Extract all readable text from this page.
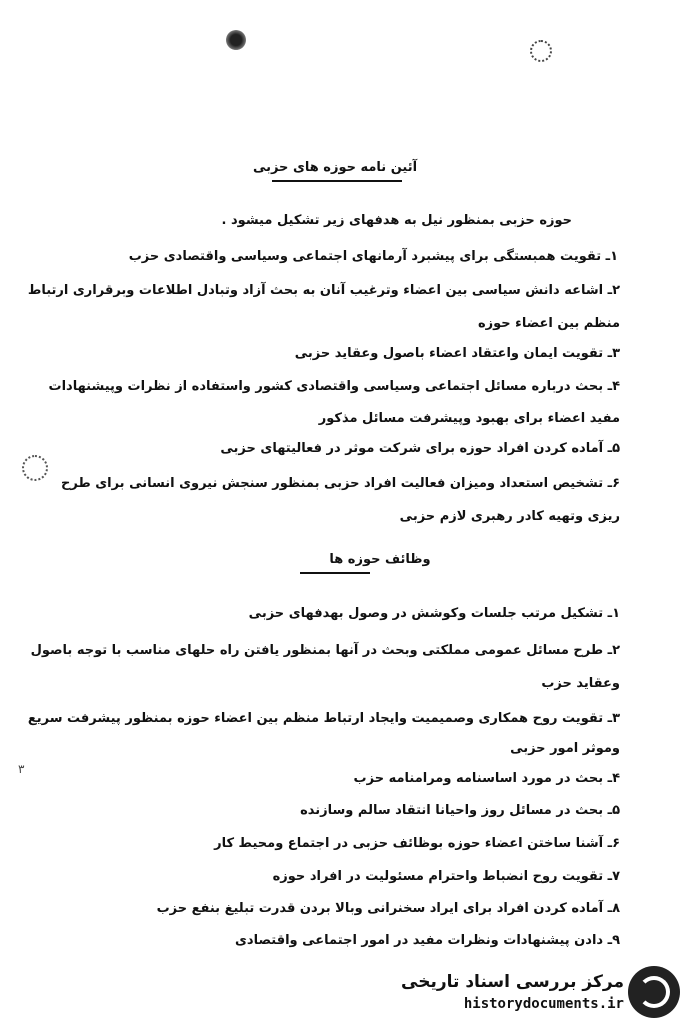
آئین نامه حوزه های حزبی
حوزه حزبی بمنظور نیل به هدفهای زیر تشکیل میشود .
۱ـ تقویت همبستگی برای پیشبرد آرمانهای اجتماعی وسیاسی واقتصادی حزب
۲ـ اشاعه دانش سیاسی بین اعضاء وترغیب آنان به بحث آزاد وتبادل اطلاعات وبرقراری ارتباط
منظم بین اعضاء حوزه
۳ـ تقویت ایمان واعتقاد اعضاء باصول وعقاید حزبی
۴ـ بحث درباره مسائل اجتماعی وسیاسی واقتصادی کشور واستفاده از نظرات وپیشنهادات
مفید اعضاء برای بهبود وپیشرفت مسائل مذکور
۵ـ آماده کردن افراد حوزه برای شرکت موثر در فعالیتهای حزبی
۶ـ تشخیص استعداد ومیزان فعالیت افراد حزبی بمنظور سنجش نیروی انسانی برای طرح
ریزی وتهیه کادر رهبری لازم حزبی
وظائف حوزه ها
۱ـ تشکیل مرتب جلسات وکوشش در وصول بهدفهای حزبی
۲ـ طرح مسائل عمومی مملکتی وبحث در آنها بمنظور یافتن راه حلهای مناسب با توجه باصول
وعقاید حزب
۳ـ تقویت روح همکاری وصمیمیت وایجاد ارتباط منظم بین اعضاء حوزه بمنظور پیشرفت سریع
وموثر امور حزبی
۴ـ بحث در مورد اساسنامه ومرامنامه حزب
۵ـ بحث در مسائل روز واحیانا انتقاد سالم وسازنده
۶ـ آشنا ساختن اعضاء حوزه بوظائف حزبی در اجتماع ومحیط کار
۷ـ تقویت روح انضباط واحترام مسئولیت در افراد حوزه
۸ـ آماده کردن افراد برای ایراد سخنرانی وبالا بردن قدرت تبلیغ بنفع حزب
۹ـ دادن پیشنهادات ونظرات مفید در امور اجتماعی واقتصادی
۳
مرکز بررسی اسناد تاریخی
historydocuments.ir
